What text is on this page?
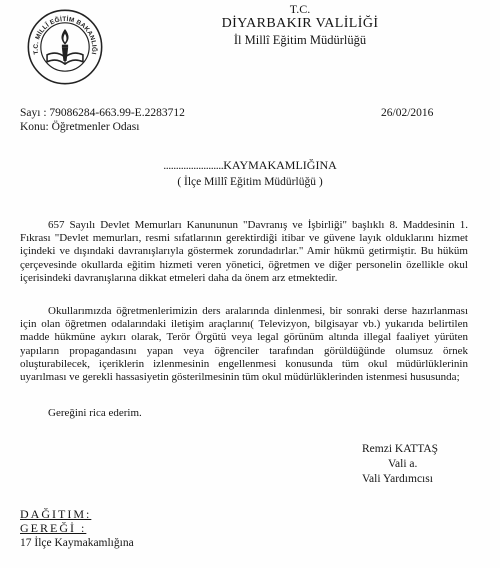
T.C. MİLLÎ EĞİTİM BAKANLIĞI
T.C.
DİYARBAKIR VALİLİĞİ
İl Millî Eğitim Müdürlüğü
Sayı : 79086284-663.99-E.2283712	26/02/2016
Konu: Öğretmenler Odası
........................KAYMAKAMLIĞINA
( İlçe Millî Eğitim Müdürlüğü )
657 Sayılı Devlet Memurları Kanununun "Davranış ve İşbirliği" başlıklı 8. Maddesinin 1. Fıkrası "Devlet memurları, resmi sıfatlarının gerektirdiği itibar ve güvene layık olduklarını hizmet içindeki ve dışındaki davranışlarıyla göstermek zorundadırlar." Amir hükmü getirmiştir. Bu hüküm çerçevesinde okullarda eğitim hizmeti veren yönetici, öğretmen ve diğer personelin özellikle okul içerisindeki davranışlarına dikkat etmeleri daha da önem arz etmektedir.
Okullarımızda öğretmenlerimizin ders aralarında dinlenmesi, bir sonraki derse hazırlanması için olan öğretmen odalarındaki iletişim araçlarını( Televizyon, bilgisayar vb.) yukarıda belirtilen madde hükmüne aykırı olarak, Terör Örgütü veya legal görünüm altında illegal faaliyet yürüten yapıların propagandasını yapan veya öğrenciler tarafından görüldüğünde olumsuz örnek oluşturabilecek, içeriklerin izlenmesinin engellenmesi konusunda tüm okul müdürlüklerinin uyarılması ve gerekli hassasiyetin gösterilmesinin tüm okul müdürlüklerinden istenmesi hususunda;
Gereğini rica ederim.
Remzi KATTAŞ
Vali a.
Vali Yardımcısı
DAĞITIM:
GEREĞİ :
17 İlçe Kaymakamlığına
